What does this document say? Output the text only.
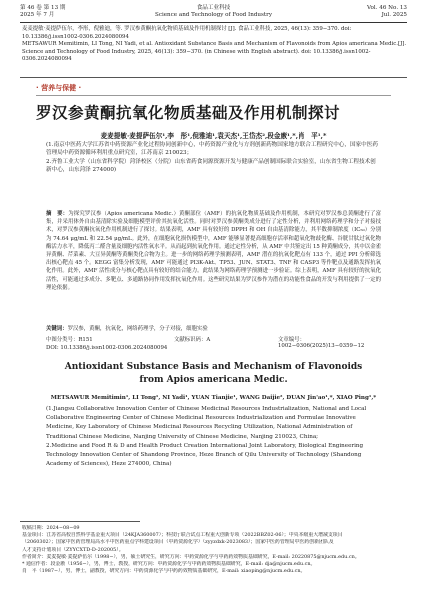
第 46 卷 第 13 期
2025 年 7 月
食品工业科技
Science and Technology of Food Industry
Vol. 46 No. 13
Jul. 2025
麦麦提敏·麦提萨伍尔，李彤，倪雅迪，等. 罗汉参黄酮抗氧化物质基础及作用机制探讨 [J]. 食品工业科技, 2025, 46(13): 359−370. doi: 10.13386/j.issn1002-0306.2024080094
METSAWUR Memitimin, LI Tong, NI Yadi, et al. Antioxidant Substance Basis and Mechanism of Flavonoids from Apios americana Medic.[J]. Science and Technology of Food Industry, 2025, 46(13): 359−370. (in Chinese with English abstract). doi: 10.13386/j.issn1002-0306.2024080094
· 营养与保健 ·
罗汉参黄酮抗氧化物质基础及作用机制探讨
麦麦提敏·麦提萨伍尔¹,李　彤¹,倪雅迪¹,袁天杰¹,王岱杰²,段金廒¹,*,肖　平¹,*
(1.南京中医药大学江苏省中药资源产业化过程协同创新中心，中药资源产业化与方剂创新药物国家地方联合工程研究中心，国家中医药管理局中药资源循环利用重点研究室，江苏南京 210023；
2.齐鲁工业大学（山东省科学院）菏泽校区（分院）山东省药食同源资源开发与健康产品创制国际联合实验室，山东省生物工程技术创新中心，山东菏泽 274000)
摘　要：为探究罗汉参（Apios americana Medic.）黄酮部位（AMF）的抗氧化物质基础及作用机制，本研究对罗汉参总黄酮进行了富集，并采用体外自由基清除实验及细胞模型评价其抗氧化活性。同时对罗汉参黄酮类成分进行了定性分析，并利用网络药理学和分子对接技术，对罗汉参黄酮抗氧化作用机制进行了探讨。结果表明，AMF 具有较好的 DPPH 和 OH 自由基清除能力，其半数抑制浓度（IC₅₀）分别为 74.64 μg/mL 和 22.54 μg/mL。此外，在细胞氧化损伤模型中，AMF 能够显著提高细胞存活率和超氧化物歧化酶、谷胱甘肽过氧化物酶活力水平，降低丙二醛含量及细胞内活性氧水平。从而起到抗氧化作用。通过定性分析，从 AMF 中共鉴定出 15 种黄酮成分，其中以金雀异黄酮、芹菜素、大豆异黄酮等黄酮类化合物为主。进一步的网络药理学预测表明，AMF 潜在的抗氧化靶点有 133 个，通过 PPI 分析筛选出核心靶点 45 个。KEGG 富集分析发现，AMF 可能通过 PI3K-Akt、TP53、JUN、STAT3、TNF 和 CASP3 等作靶点及通路发挥抗氧化作用。此外，AMF 活性成分与核心靶点具有较好的结合能力。此结果为网络药理学预测进一步验证。综上表明，AMF 具有较好的抗氧化活性，可能通过多成分、多靶点、多通路协同作用发挥抗氧化作用。这些研究结果为罗汉参作为潜在的功能性食品的开发与利用提供了一定的理论依据。
关键词：罗汉参，黄酮，抗氧化，网络药理学，分子对接，细胞实验
中图分类号：R151	文献标识码：A	文章编号：1002−0306(2025)13−0359−12
DOI: 10.13386/j.issn1002-0306.2024080094
Antioxidant Substance Basis and Mechanism of Flavonoids
from Apios americana Medic.
METSAWUR Memitimin¹, LI Tong¹, NI Yadi¹, YUAN Tianjie¹, WANG Daijie², DUAN Jin'ao¹,*, XIAO Ping¹,*
(1.Jiangsu Collaborative Innovation Center of Chinese Medicinal Resources Industrialization, National and Local Collaborative Engineering Center of Chinese Medicinal Resources Industrialization and Formulae Innovative Medicine, Key Laboratory of Chinese Medicinal Resources Recycling Utilization, National Administration of Traditional Chinese Medicine, Nanjing University of Chinese Medicine, Nanjing 210023, China;
2.Medicine and Food R & D and Health Product Creation International Joint Laboratory, Biological Engineering Technology Innovation Center of Shandong Province, Heze Branch of Qilu University of Technology (Shandong Academy of Sciences), Heze 274000, China)
收稿日期：2024−08−09
基金项目：江苏省高校自然科学基金重大项目（24KJA360007）；科技厅联合试点工程重大创新专项（2022BBZ02-06）；中央本级重大增减支项目
（2060302）；国家中医药管理局高水平中医药重点学科建设项目（中药资源化学）（zyyzdxk-2023083）；国家中医药管理局中医药创新团队及
人才支持计划项目（ZYYCXTD-D-202005）。
作者简介：麦麦提敏·麦提萨伍尔（1998−），男，硕士研究生，研究方向：中药资源化学与中药药效物质基础研究，E-mail: 20220875@njucm.edu.cn。
* 通信作者：段金廒（1956−），男，博士，教授，研究方向：中药资源化学与中药药效物质基础研究，E-mail: dja@njucm.edu.cn。
肖　平（1987−），男，博士，副教授，研究方向：中药资源化学与中药药效物质基础研究，E-mail: xiaoping@njucm.edu.cn。
